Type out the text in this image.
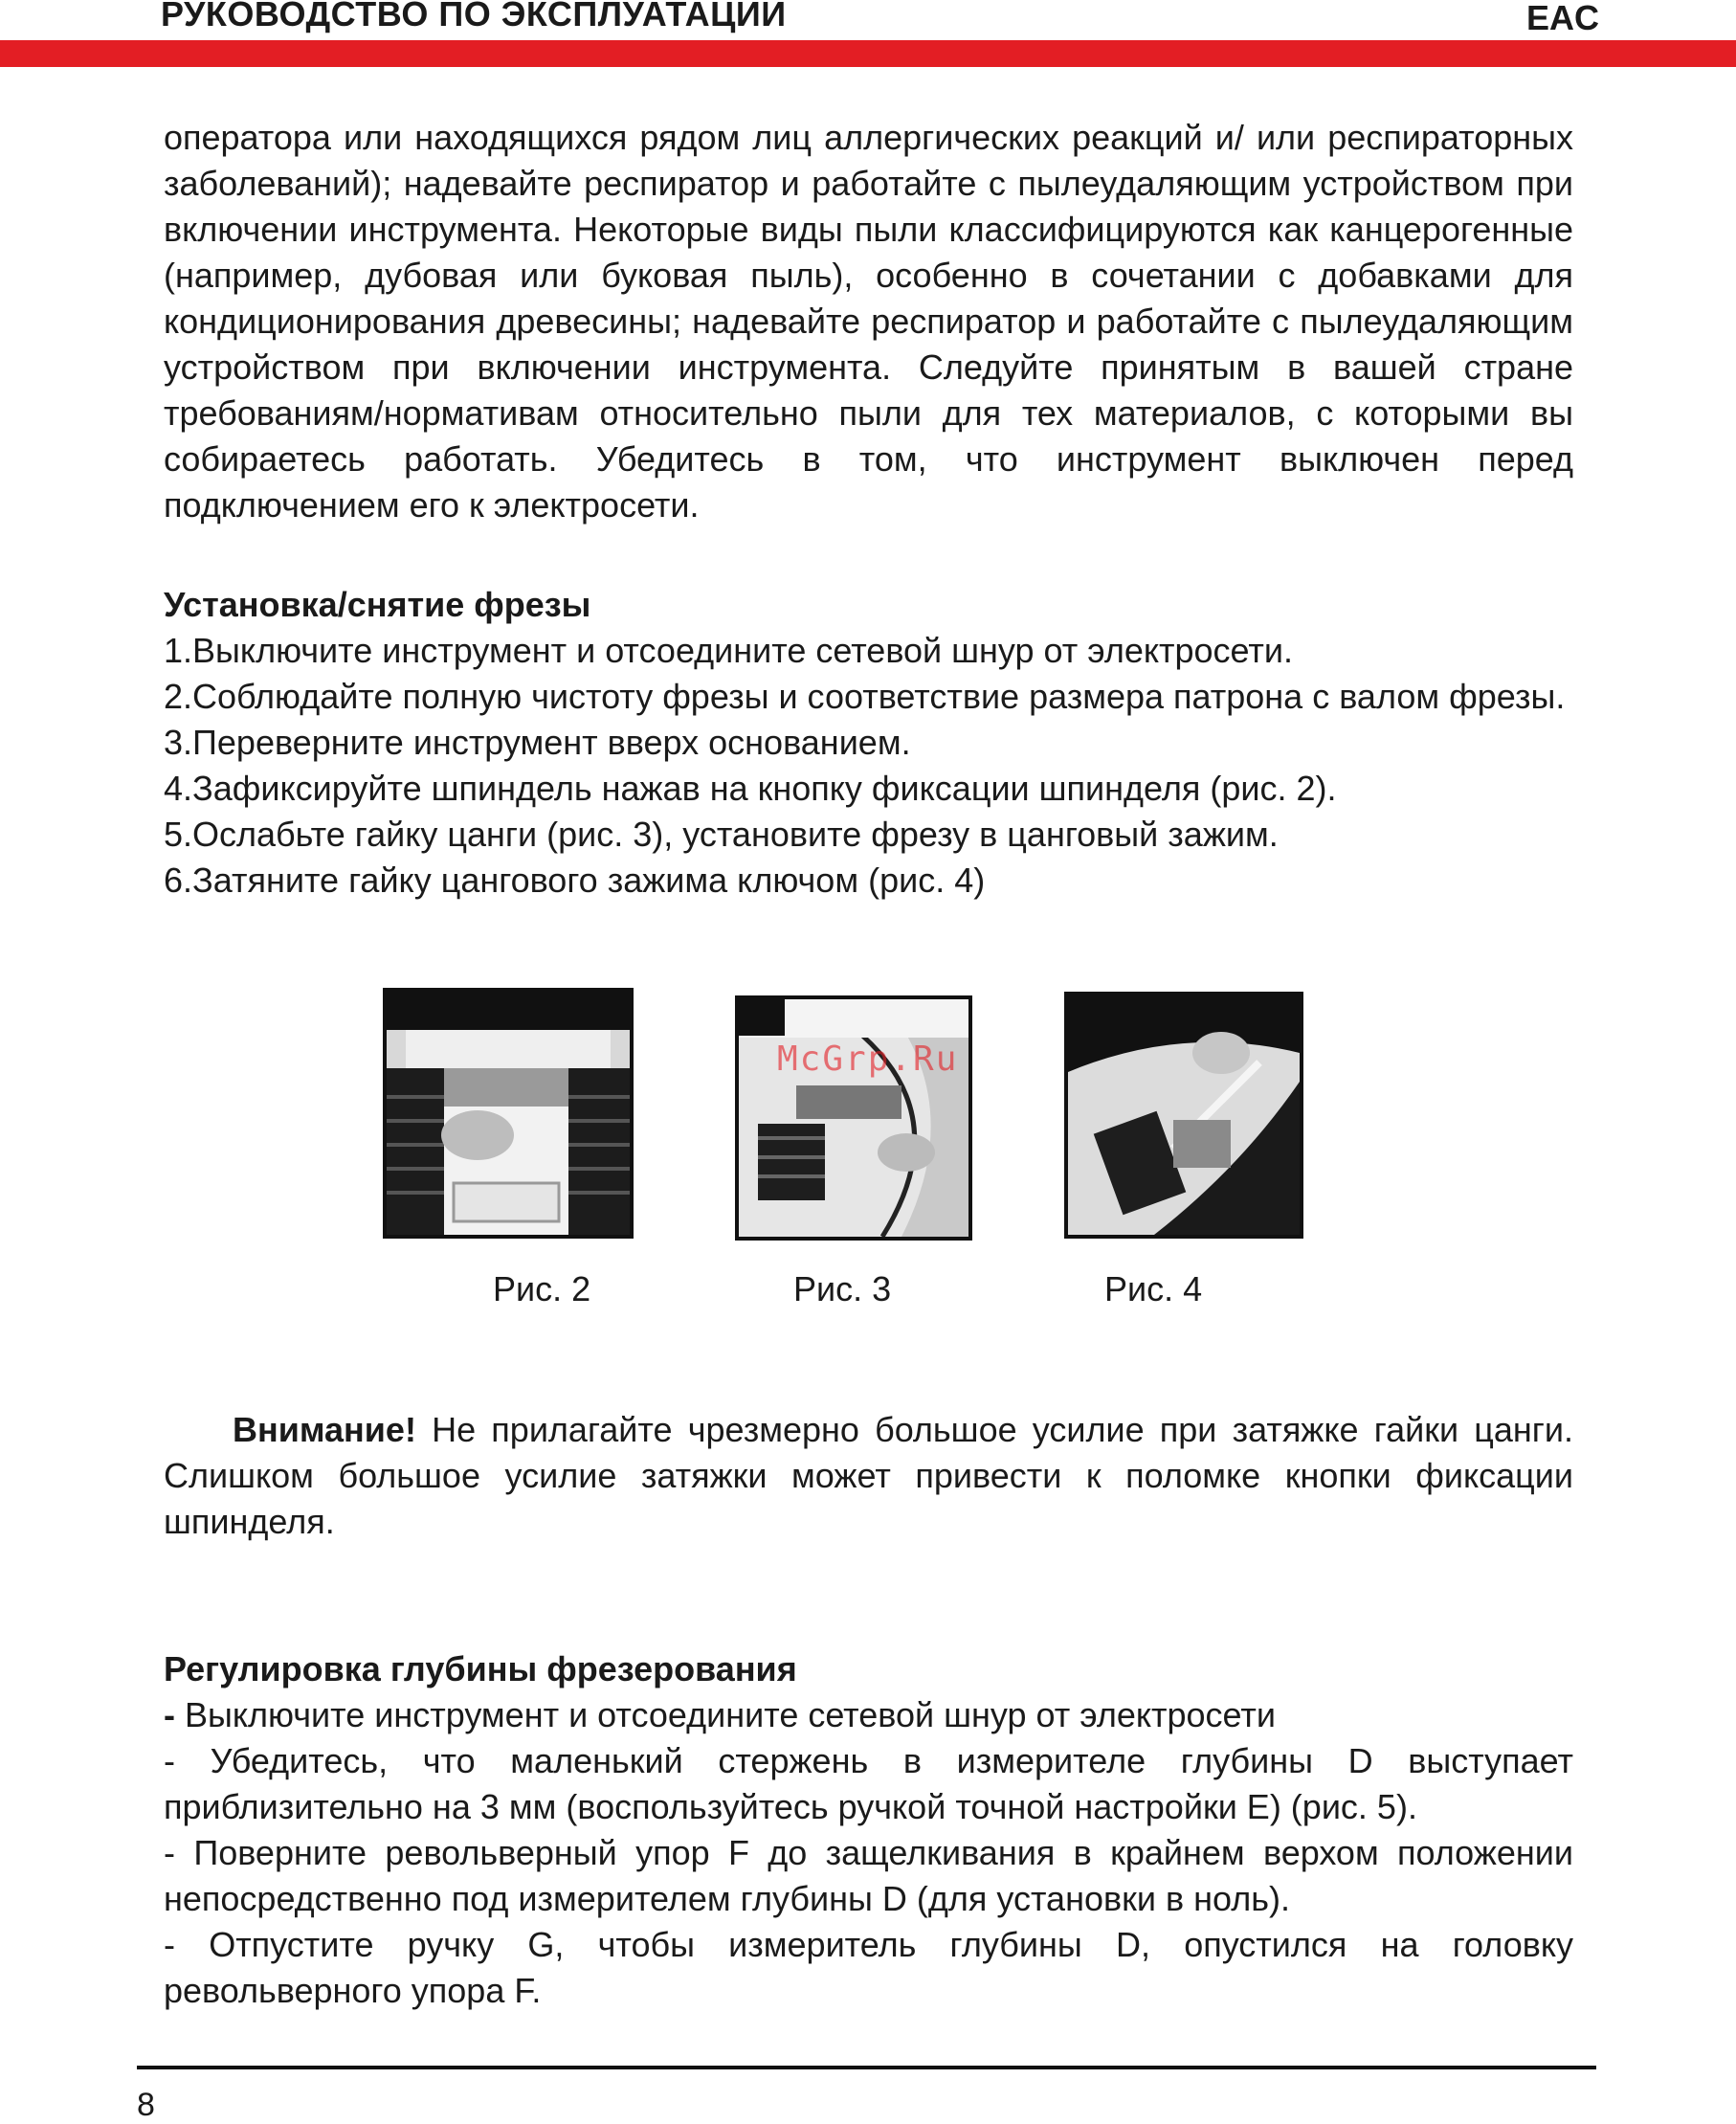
РУКОВОДСТВО ПО ЭКСПЛУАТАЦИИ	EAC

оператора или находящихся рядом лиц аллергических реакций и/ или респираторных заболеваний); надевайте респиратор и работайте с пылеудаляющим устройством при включении инструмента. Некоторые виды пыли классифицируются как канцерогенные (например, дубовая или буковая пыль), особенно в сочетании с добавками для кондиционирования древесины; надевайте респиратор и работайте с пылеудаляющим устройством при включении инструмента. Следуйте принятым в вашей стране требованиям/нормативам относительно пыли для тех материалов, с которыми вы собираетесь работать. Убедитесь в том, что инструмент выключен перед подключением его к электросети.

Установка/снятие фрезы

1.Выключите инструмент и отсоедините сетевой шнур от электросети.
2.Соблюдайте полную чистоту фрезы и соответствие размера патрона с валом фрезы.
3.Переверните инструмент вверх основанием.
4.Зафиксируйте шпиндель нажав на кнопку фиксации шпинделя (рис. 2).
5.Ослабьте гайку цанги (рис. 3), установите фрезу в цанговый зажим.
6.Затяните гайку цангового зажима ключом (рис. 4)
Рис. 2	Рис. 3	Рис. 4
McGrp.Ru

Внимание! Не прилагайте чрезмерно большое усилие при затяжке гайки цанги. Слишком большое усилие затяжки может привести к поломке кнопки фиксации шпинделя.

Регулировка глубины фрезерования

- Выключите инструмент и отсоедините сетевой шнур от электросети

- Убедитесь, что маленький стержень в измерителе глубины D выступает приблизительно на 3 мм (воспользуйтесь ручкой точной настройки E) (рис. 5).

- Поверните револьверный упор F до защелкивания в крайнем верхом положении непосредственно под измерителем глубины D (для установки в ноль).

- Отпустите ручку G, чтобы измеритель глубины D, опустился на головку револьверного упора F.

8
